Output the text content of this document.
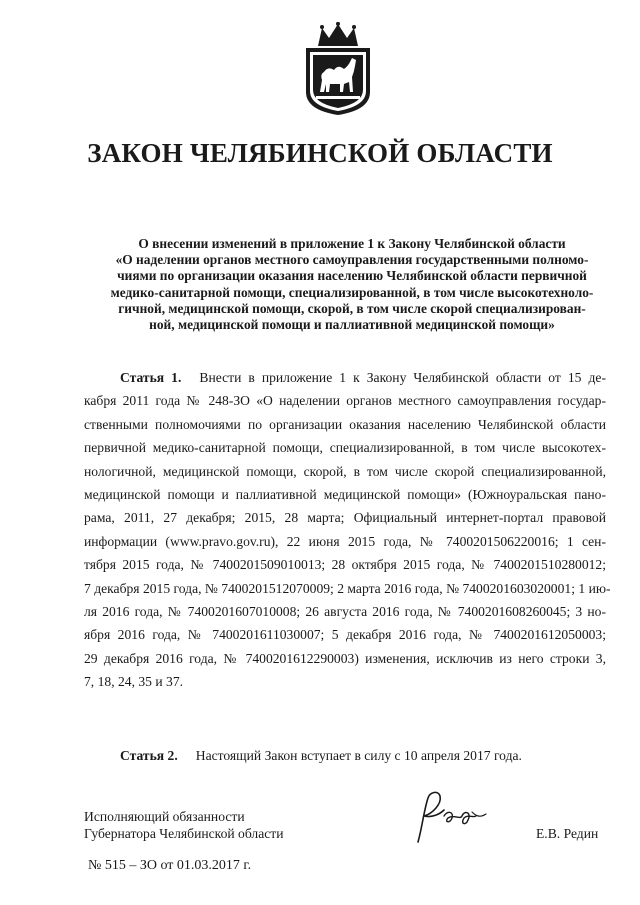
ЗАКОН ЧЕЛЯБИНСКОЙ ОБЛАСТИ
О внесении изменений в приложение 1 к Закону Челябинской области
«О наделении органов местного самоуправления государственными полномо-
чиями по организации оказания населению Челябинской области первичной
медико-санитарной помощи, специализированной, в том числе высокотехноло-
гичной, медицинской помощи, скорой, в том числе скорой специализирован-
ной, медицинской помощи и паллиативной медицинской помощи»
Статья 1. Внести в приложение 1 к Закону Челябинской области от 15 де-
кабря 2011 года № 248-ЗО «О наделении органов местного самоуправления государ-
ственными полномочиями по организации оказания населению Челябинской области
первичной медико-санитарной помощи, специализированной, в том числе высокотех-
нологичной, медицинской помощи, скорой, в том числе скорой специализированной,
медицинской помощи и паллиативной медицинской помощи» (Южноуральская пано-
рама, 2011, 27 декабря; 2015, 28 марта; Официальный интернет-портал правовой
информации (www.pravo.gov.ru), 22 июня 2015 года, № 7400201506220016; 1 сен-
тября 2015 года, № 7400201509010013; 28 октября 2015 года, № 7400201510280012;
7 декабря 2015 года, № 7400201512070009; 2 марта 2016 года, № 7400201603020001; 1 ию-
ля 2016 года, № 7400201607010008; 26 августа 2016 года, № 7400201608260045; 3 но-
ября 2016 года, № 7400201611030007; 5 декабря 2016 года, № 7400201612050003;
29 декабря 2016 года, № 7400201612290003) изменения, исключив из него строки 3,
7, 18, 24, 35 и 37.
Статья 2. Настоящий Закон вступает в силу с 10 апреля 2017 года.
Исполняющий обязанности
Губернатора Челябинской области	Е.В. Редин
№ 515 – ЗО от 01.03.2017 г.
